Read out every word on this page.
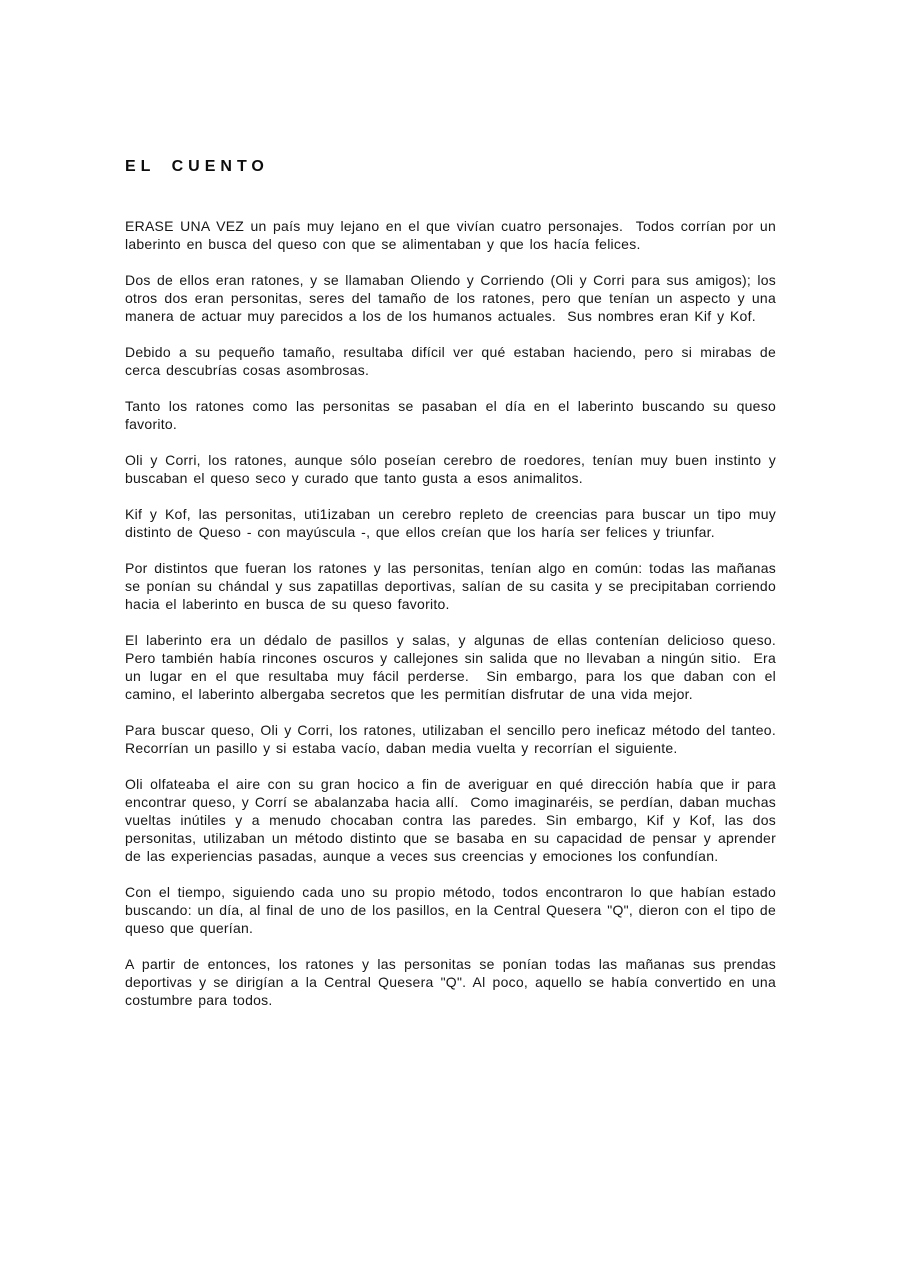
EL CUENTO

ERASE UNA VEZ un país muy lejano en el que vivían cuatro personajes.  Todos corrían por un laberinto en busca del queso con que se alimentaban y que los hacía felices.

Dos de ellos eran ratones, y se llamaban Oliendo y Corriendo (Oli y Corri para sus amigos); los otros dos eran personitas, seres del tamaño de los ratones, pero que tenían un aspecto y una manera de actuar muy parecidos a los de los humanos actuales.  Sus nombres eran Kif y Kof.

Debido a su pequeño tamaño, resultaba difícil ver qué estaban haciendo, pero si mirabas de cerca descubrías cosas asombrosas.

Tanto los ratones como las personitas se pasaban el día en el laberinto buscando su queso favorito.

Oli y Corri, los ratones, aunque sólo poseían cerebro de roedores, tenían muy buen instinto y buscaban el queso seco y curado que tanto gusta a esos animalitos.

Kif y Kof, las personitas, uti1izaban un cerebro repleto de creencias para buscar un tipo muy distinto de Queso - con mayúscula -, que ellos creían que los haría ser felices y triunfar.

Por distintos que fueran los ratones y las personitas, tenían algo en común: todas las mañanas se ponían su chándal y sus zapatillas deportivas, salían de su casita y se precipitaban corriendo hacia el laberinto en busca de su queso favorito.

El laberinto era un dédalo de pasillos y salas, y algunas de ellas contenían delicioso queso.  Pero también había rincones oscuros y callejones sin salida que no llevaban a ningún sitio.  Era un lugar en el que resultaba muy fácil perderse.  Sin embargo, para los que daban con el camino, el laberinto albergaba secretos que les permitían disfrutar de una vida mejor.

Para buscar queso, Oli y Corri, los ratones, utilizaban el sencillo pero ineficaz método del tanteo.  Recorrían un pasillo y si estaba vacío, daban media vuelta y recorrían el siguiente.

Oli olfateaba el aire con su gran hocico a fin de averiguar en qué dirección había que ir para encontrar queso, y Corrí se abalanzaba hacia allí.  Como imaginaréis, se perdían, daban muchas vueltas inútiles y a menudo chocaban contra las paredes. Sin embargo, Kif y Kof, las dos personitas, utilizaban un método distinto que se basaba en su capacidad de pensar y aprender de las experiencias pasadas, aunque a veces sus creencias y emociones los confundían.

Con el tiempo, siguiendo cada uno su propio método, todos encontraron lo que habían estado buscando: un día, al final de uno de los pasillos, en la Central Quesera "Q", dieron con el tipo de queso que querían.

A partir de entonces, los ratones y las personitas se ponían todas las mañanas sus prendas deportivas y se dirigían a la Central Quesera "Q". Al poco, aquello se había convertido en una costumbre para todos.
